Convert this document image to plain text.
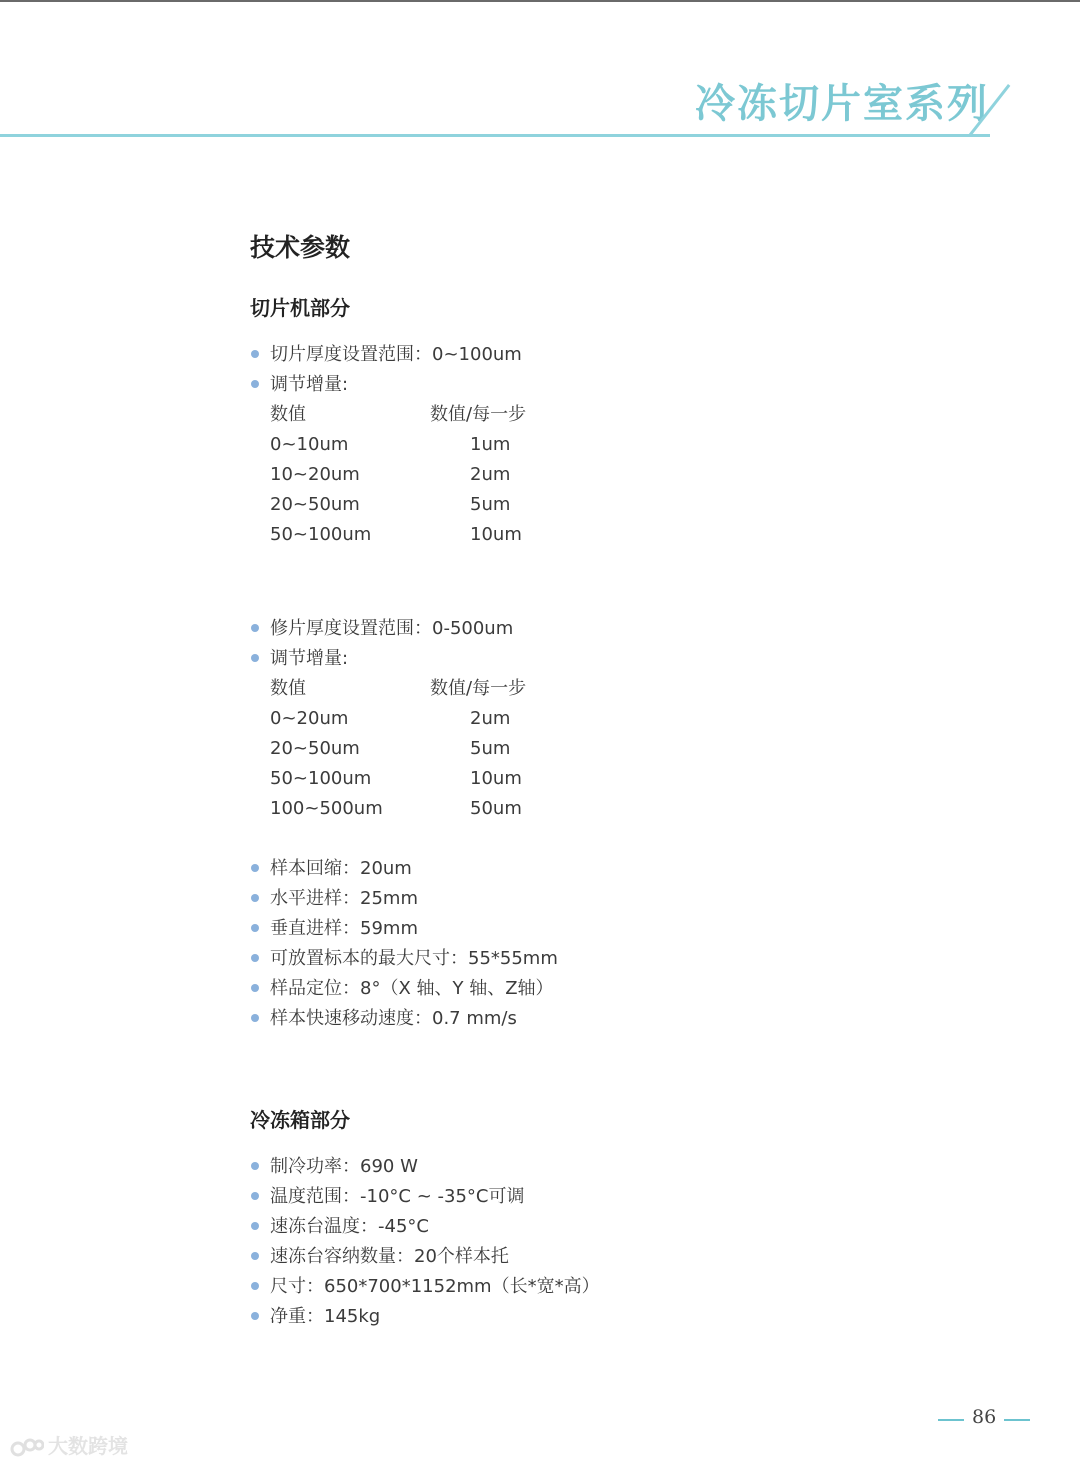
冷冻切片室系列
技术参数
切片机部分
切片厚度设置范围：0~100um
调节增量:
数值	数值/每一步
0~10um	1um
10~20um	2um
20~50um	5um
50~100um	10um
修片厚度设置范围：0-500um
调节增量:
数值	数值/每一步
0~20um	2um
20~50um	5um
50~100um	10um
100~500um	50um
样本回缩：20um
水平进样：25mm
垂直进样：59mm
可放置标本的最大尺寸：55*55mm
样品定位：8°（X 轴、Y 轴、Z轴）
样本快速移动速度：0.7 mm/s
冷冻箱部分
制冷功率：690 W
温度范围：-10°C ~ -35°C可调
速冻台温度：-45°C
速冻台容纳数量：20个样本托
尺寸：650*700*1152mm（长*宽*高）
净重：145kg
86
大数跨境
